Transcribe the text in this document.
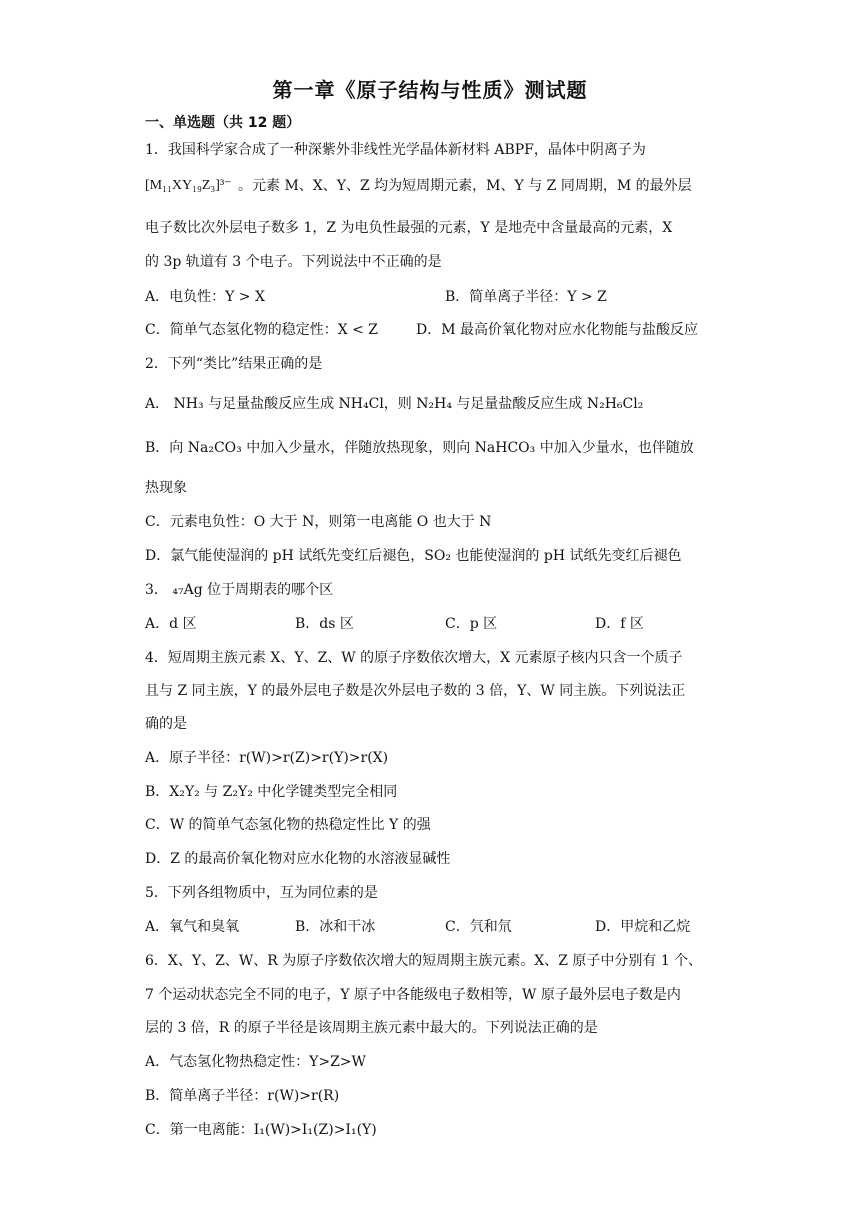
第一章《原子结构与性质》测试题
一、单选题（共 12 题）
1．我国科学家合成了一种深紫外非线性光学晶体新材料 ABPF，晶体中阴离子为
[M₁₁XY₁₉Z₃]³⁻ 。元素 M、X、Y、Z 均为短周期元素，M、Y 与 Z 同周期，M 的最外层
电子数比次外层电子数多 1，Z 为电负性最强的元素，Y 是地壳中含量最高的元素，X
的 3p 轨道有 3 个电子。下列说法中不正确的是
A．电负性：Y > X	B．简单离子半径：Y > Z
C．简单气态氢化物的稳定性：X < Z	D．M 最高价氧化物对应水化物能与盐酸反应
2．下列“类比”结果正确的是
A． NH₃ 与足量盐酸反应生成 NH₄Cl，则 N₂H₄ 与足量盐酸反应生成 N₂H₆Cl₂
B．向 Na₂CO₃ 中加入少量水，伴随放热现象，则向 NaHCO₃ 中加入少量水，也伴随放
热现象
C．元素电负性：O 大于 N，则第一电离能 O 也大于 N
D．氯气能使湿润的 pH 试纸先变红后褪色，SO₂ 也能使湿润的 pH 试纸先变红后褪色
3． ₄₇Ag 位于周期表的哪个区
A．d 区	B．ds 区	C．p 区	D．f 区
4．短周期主族元素 X、Y、Z、W 的原子序数依次增大，X 元素原子核内只含一个质子
且与 Z 同主族，Y 的最外层电子数是次外层电子数的 3 倍，Y、W 同主族。下列说法正
确的是
A．原子半径：r(W)>r(Z)>r(Y)>r(X)
B．X₂Y₂ 与 Z₂Y₂ 中化学键类型完全相同
C．W 的简单气态氢化物的热稳定性比 Y 的强
D．Z 的最高价氧化物对应水化物的水溶液显碱性
5．下列各组物质中，互为同位素的是
A．氧气和臭氧	B．冰和干冰	C．氕和氘	D．甲烷和乙烷
6．X、Y、Z、W、R 为原子序数依次增大的短周期主族元素。X、Z 原子中分别有 1 个、
7 个运动状态完全不同的电子，Y 原子中各能级电子数相等，W 原子最外层电子数是内
层的 3 倍，R 的原子半径是该周期主族元素中最大的。下列说法正确的是
A．气态氢化物热稳定性：Y>Z>W
B．简单离子半径：r(W)>r(R)
C．第一电离能：I₁(W)>I₁(Z)>I₁(Y)
